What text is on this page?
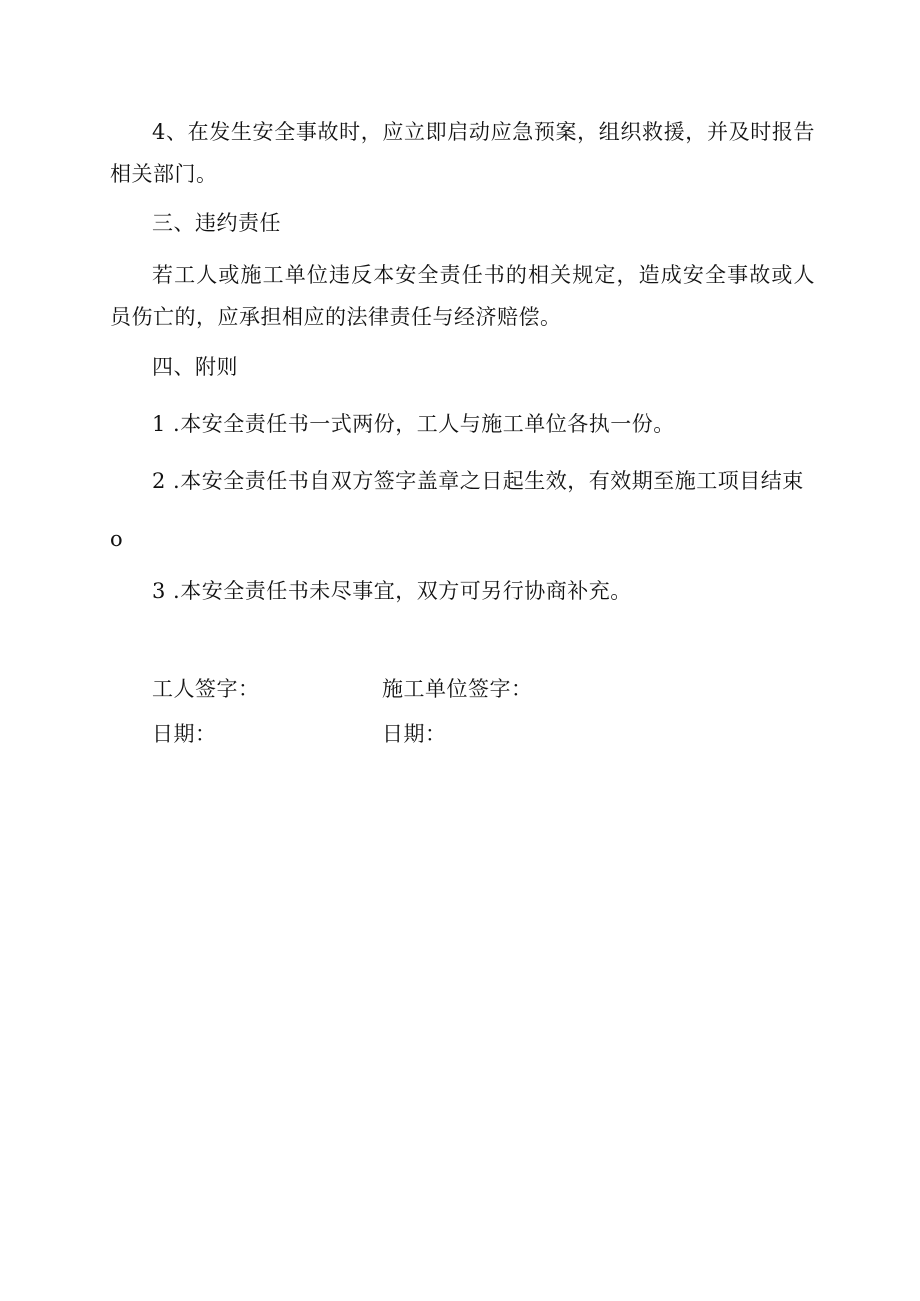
4、在发生安全事故时，应立即启动应急预案，组织救援，并及时报告相关部门。

三、违约责任

若工人或施工单位违反本安全责任书的相关规定，造成安全事故或人员伤亡的，应承担相应的法律责任与经济赔偿。

四、附则

1 .本安全责任书一式两份，工人与施工单位各执一份。

2 .本安全责任书自双方签字盖章之日起生效，有效期至施工项目结束

o

3 .本安全责任书未尽事宜，双方可另行协商补充。

工人签字：	施工单位签字：

日期：	日期：
